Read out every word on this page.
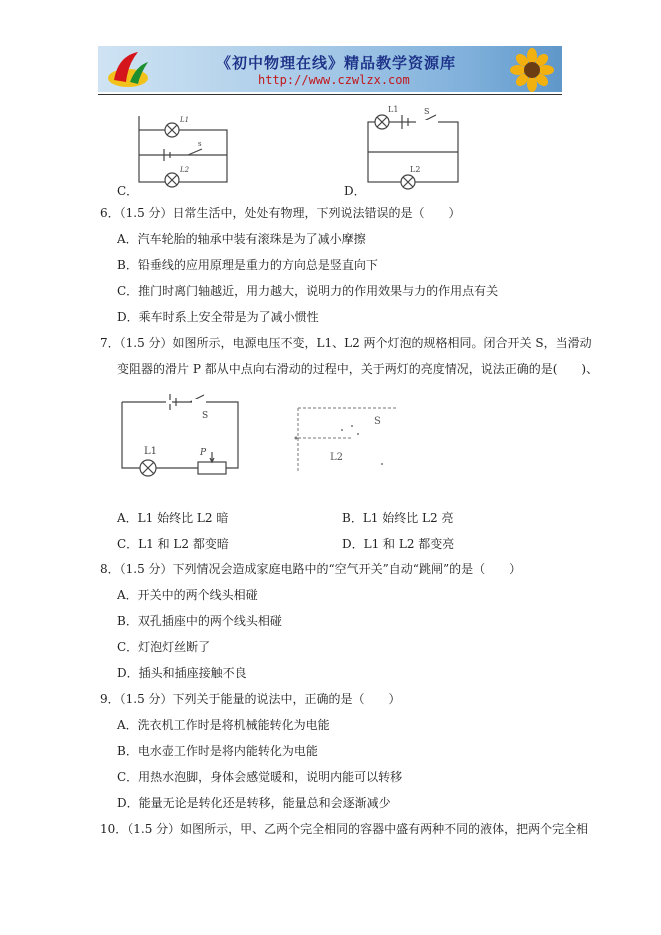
《初中物理在线》精品教学资源库
http://www.czwlzx.com
L1
L2
s
C．
L1	S
L2
D．
6．（1.5 分）日常生活中，处处有物理，下列说法错误的是（　　）
A．汽车轮胎的轴承中装有滚珠是为了减小摩擦
B．铅垂线的应用原理是重力的方向总是竖直向下
C．推门时离门轴越近，用力越大，说明力的作用效果与力的作用点有关
D．乘车时系上安全带是为了减小惯性
7．（1.5 分）如图所示，电源电压不变，L1、L2 两个灯泡的规格相同。闭合开关 S，当滑动
变阻器的滑片 P 都从中点向右滑动的过程中，关于两灯的亮度情况，说法正确的是(　　)、
L1
S
P
S
L2
A．L1 始终比 L2 暗	B．L1 始终比 L2 亮
C．L1 和 L2 都变暗	D．L1 和 L2 都变亮
8．（1.5 分）下列情况会造成家庭电路中的“空气开关”自动“跳闸”的是（　　）
A．开关中的两个线头相碰
B．双孔插座中的两个线头相碰
C．灯泡灯丝断了
D．插头和插座接触不良
9．（1.5 分）下列关于能量的说法中，正确的是（　　）
A．洗衣机工作时是将机械能转化为电能
B．电水壶工作时是将内能转化为电能
C．用热水泡脚，身体会感觉暖和，说明内能可以转移
D．能量无论是转化还是转移，能量总和会逐渐减少
10．（1.5 分）如图所示，甲、乙两个完全相同的容器中盛有两种不同的液体，把两个完全相
